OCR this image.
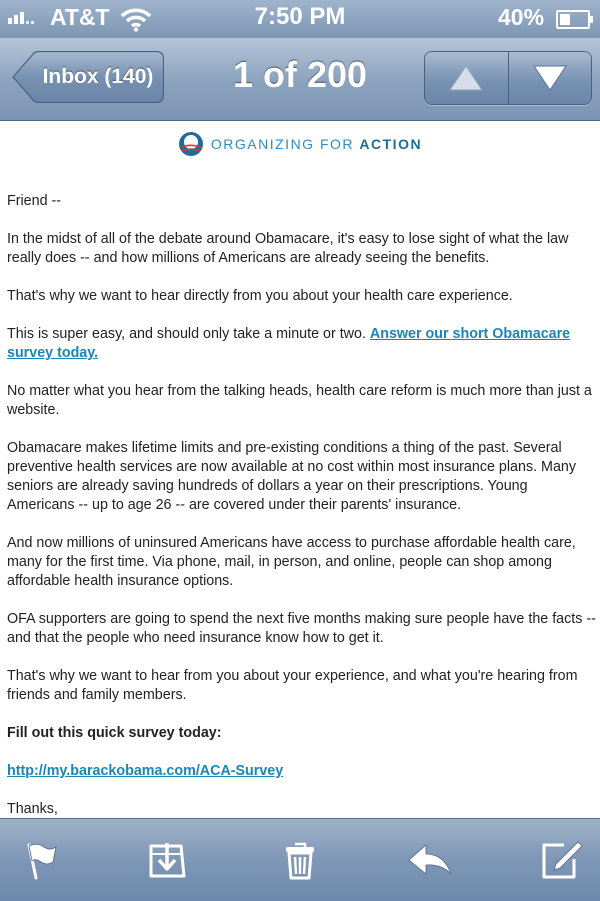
AT&T	7:50 PM	40%
Inbox (140)	1 of 200
ORGANIZING FOR ACTION

Friend --

In the midst of all of the debate around Obamacare, it's easy to lose sight of what the law really does -- and how millions of Americans are already seeing the benefits.

That's why we want to hear directly from you about your health care experience.

This is super easy, and should only take a minute or two. Answer our short Obamacare survey today.

No matter what you hear from the talking heads, health care reform is much more than just a website.

Obamacare makes lifetime limits and pre-existing conditions a thing of the past. Several preventive health services are now available at no cost within most insurance plans. Many seniors are already saving hundreds of dollars a year on their prescriptions. Young Americans -- up to age 26 -- are covered under their parents' insurance.

And now millions of uninsured Americans have access to purchase affordable health care, many for the first time. Via phone, mail, in person, and online, people can shop among affordable health insurance options.

OFA supporters are going to spend the next five months making sure people have the facts -- and that the people who need insurance know how to get it.

That's why we want to hear from you about your experience, and what you're hearing from friends and family members.

Fill out this quick survey today:

http://my.barackobama.com/ACA-Survey

Thanks,
